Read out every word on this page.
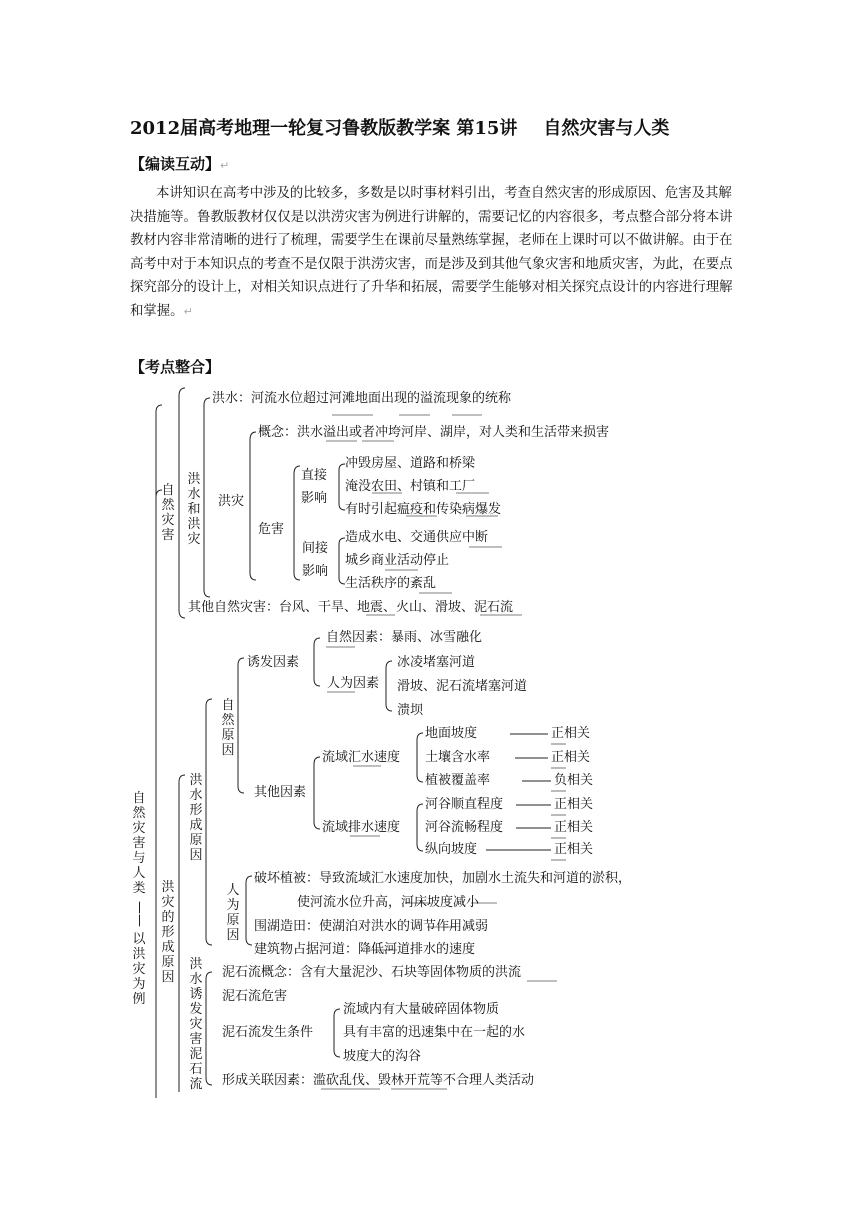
2012届高考地理一轮复习鲁教版教学案 第15讲 自然灾害与人类
【编读互动】↵

本讲知识在高考中涉及的比较多，多数是以时事材料引出，考查自然灾害的形成原因、危害及其解决措施等。鲁教版教材仅仅是以洪涝灾害为例进行讲解的，需要记忆的内容很多，考点整合部分将本讲教材内容非常清晰的进行了梳理，需要学生在课前尽量熟练掌握，老师在上课时可以不做讲解。由于在高考中对于本知识点的考查不是仅限于洪涝灾害，而是涉及到其他气象灾害和地质灾害，为此，在要点探究部分的设计上，对相关知识点进行了升华和拓展，需要学生能够对相关探究点设计的内容进行理解和掌握。↵

【考点整合】
自
然
灾
害
与
人
类
——
以
洪
灾
为
例
自
然
灾
害
洪
水
和
洪
灾
洪
灾
的
形
成
原
因
洪
水
形
成
原
因
自
然
原
因
人
为
原
因
洪
水
诱
发
灾
害
泥
石
流
直接
影响
间接
影响
洪水：河流水位超过河滩地面出现的溢流现象的统称
洪灾
概念：洪水溢出或者冲垮河岸、湖岸，对人类和生活带来损害
危害
冲毁房屋、道路和桥梁
淹没农田、村镇和工厂
有时引起瘟疫和传染病爆发
造成水电、交通供应中断
城乡商业活动停止
生活秩序的紊乱
其他自然灾害：台风、干旱、地震、火山、滑坡、泥石流
诱发因素
自然因素：暴雨、冰雪融化
人为因素
冰凌堵塞河道
滑坡、泥石流堵塞河道
溃坝
其他因素
流域汇水速度
地面坡度
土壤含水率
植被覆盖率
正相关
正相关
负相关
流域排水速度
河谷顺直程度
河谷流畅程度
纵向坡度
正相关
正相关
正相关
破坏植被：导致流域汇水速度加快，加剧水土流失和河道的淤积，
使河流水位升高，河床坡度减小
围湖造田：使湖泊对洪水的调节作用减弱
建筑物占据河道：降低河道排水的速度
泥石流概念：含有大量泥沙、石块等固体物质的洪流
泥石流危害
泥石流发生条件
流域内有大量破碎固体物质
具有丰富的迅速集中在一起的水
坡度大的沟谷
形成关联因素：滥砍乱伐、毁林开荒等不合理人类活动
